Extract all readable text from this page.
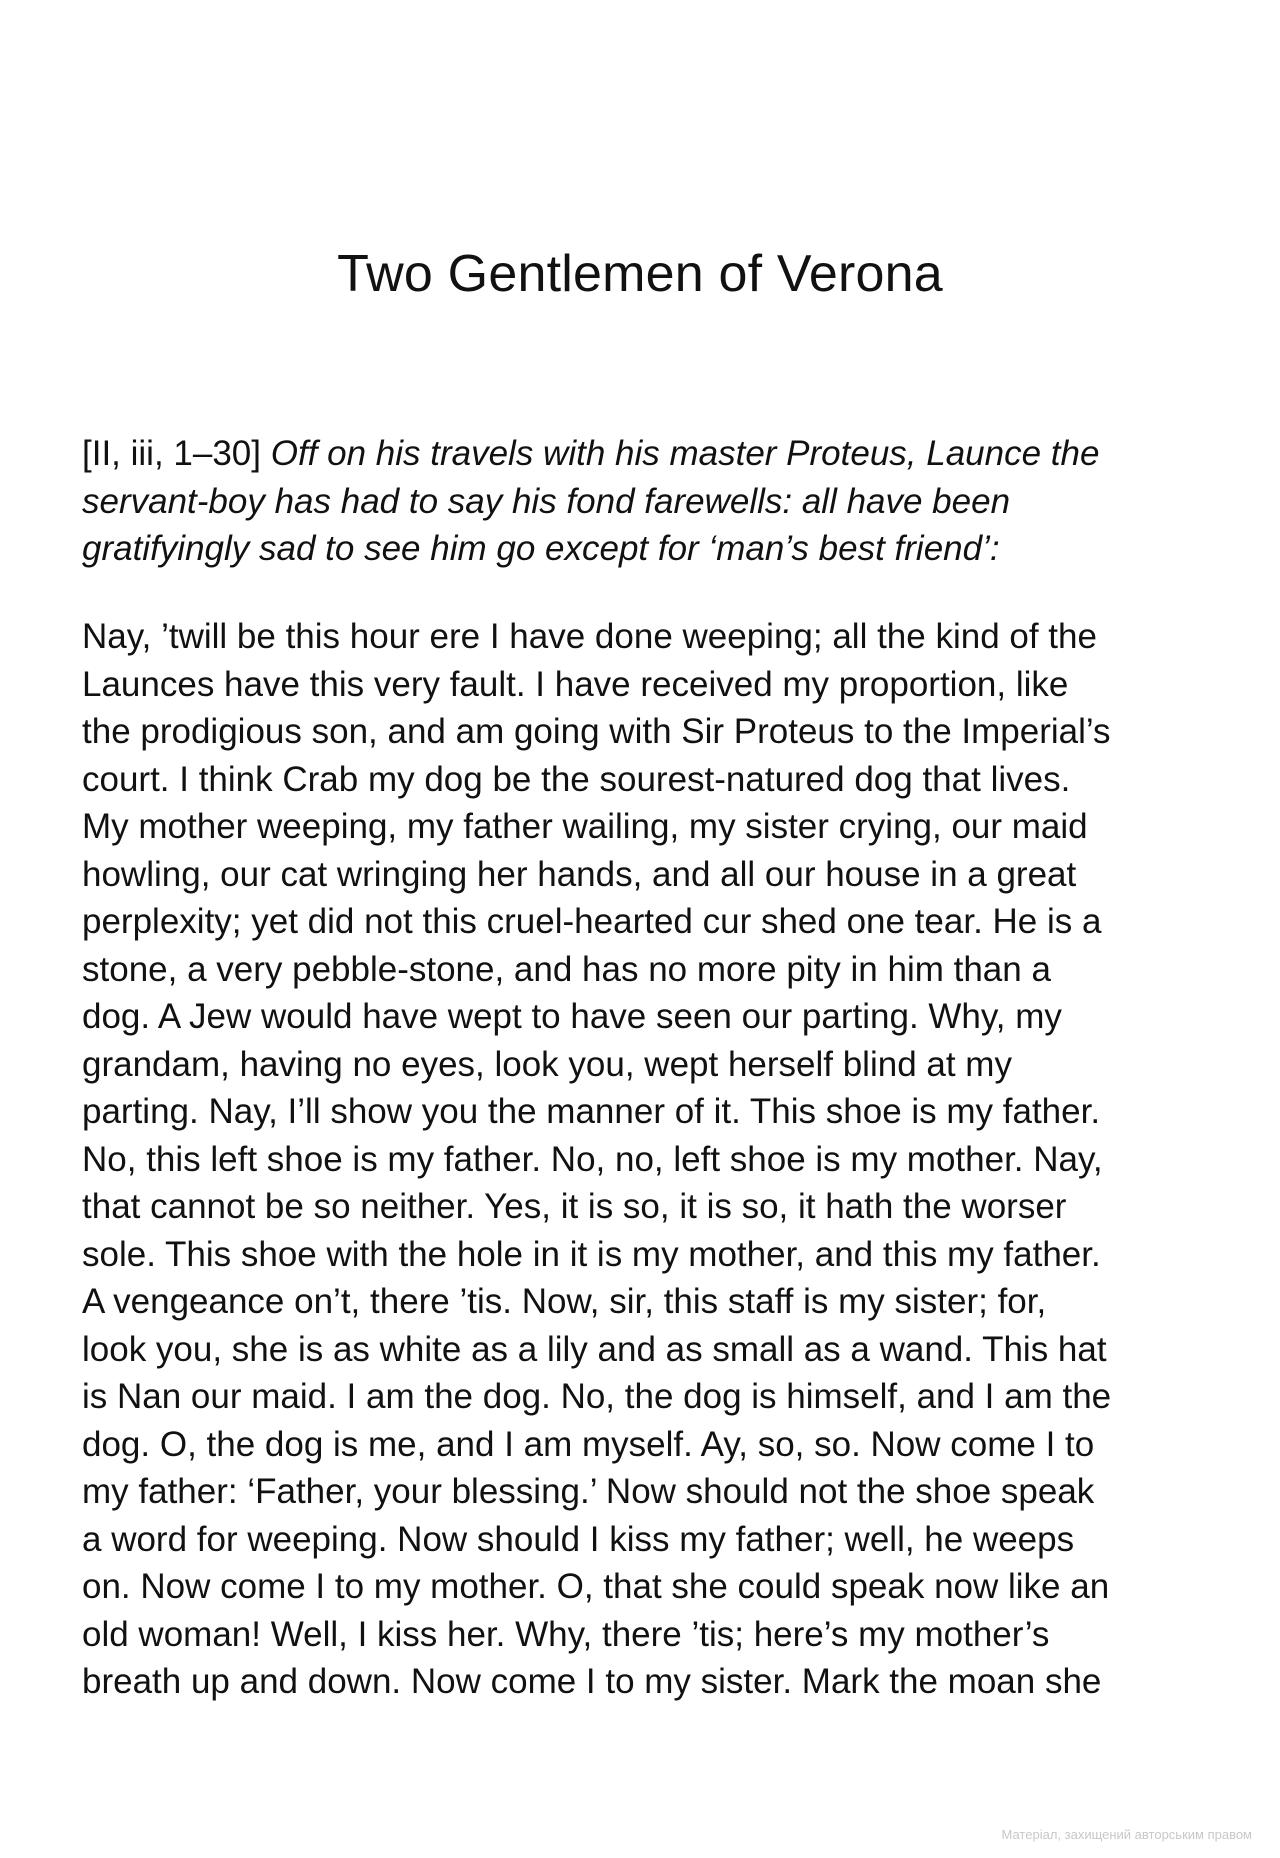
Two Gentlemen of Verona

[II, iii, 1–30] Off on his travels with his master Proteus, Launce the
servant-boy has had to say his fond farewells: all have been
gratifyingly sad to see him go except for ‘man’s best friend’:

Nay, ’twill be this hour ere I have done weeping; all the kind of the
Launces have this very fault. I have received my proportion, like
the prodigious son, and am going with Sir Proteus to the Imperial’s
court. I think Crab my dog be the sourest-natured dog that lives.
My mother weeping, my father wailing, my sister crying, our maid
howling, our cat wringing her hands, and all our house in a great
perplexity; yet did not this cruel-hearted cur shed one tear. He is a
stone, a very pebble-stone, and has no more pity in him than a
dog. A Jew would have wept to have seen our parting. Why, my
grandam, having no eyes, look you, wept herself blind at my
parting. Nay, I’ll show you the manner of it. This shoe is my father.
No, this left shoe is my father. No, no, left shoe is my mother. Nay,
that cannot be so neither. Yes, it is so, it is so, it hath the worser
sole. This shoe with the hole in it is my mother, and this my father.
A vengeance on’t, there ’tis. Now, sir, this staff is my sister; for,
look you, she is as white as a lily and as small as a wand. This hat
is Nan our maid. I am the dog. No, the dog is himself, and I am the
dog. O, the dog is me, and I am myself. Ay, so, so. Now come I to
my father: ‘Father, your blessing.’ Now should not the shoe speak
a word for weeping. Now should I kiss my father; well, he weeps
on. Now come I to my mother. O, that she could speak now like an
old woman! Well, I kiss her. Why, there ’tis; here’s my mother’s
breath up and down. Now come I to my sister. Mark the moan she

Матеріал, захищений авторським правом
